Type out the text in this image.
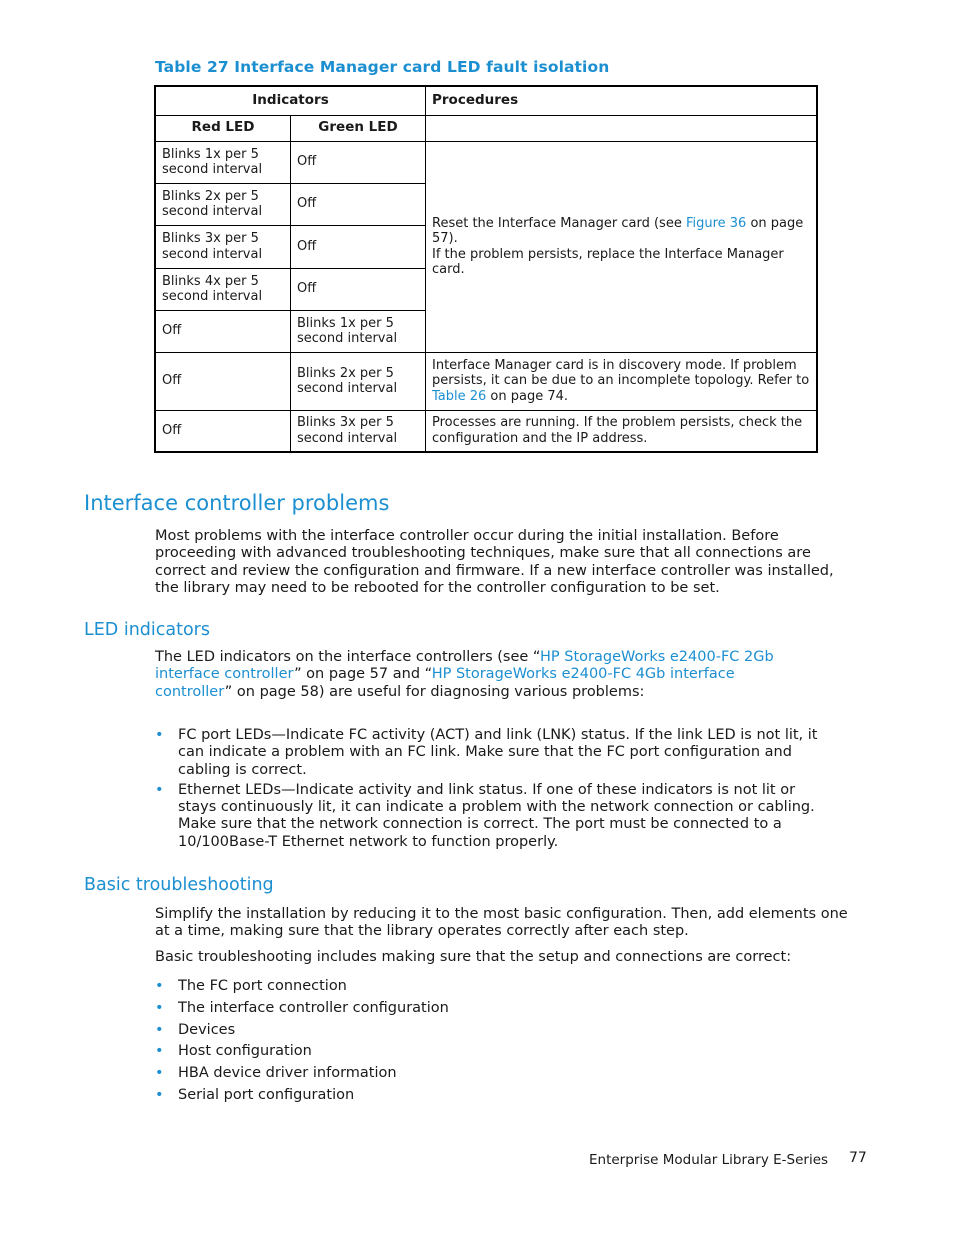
Table 27 Interface Manager card LED fault isolation
Indicators		Procedures
Red LED	Green LED	

Blinks 1x per 5
second interval	Off	Reset the Interface Manager card (see Figure 36 on page 57).
If the problem persists, replace the Interface Manager card.

Blinks 2x per 5
second interval	Off	

Blinks 3x per 5
second interval	Off	

Blinks 4x per 5
second interval	Off	

Off	Blinks 1x per 5
second interval	

Off	Blinks 2x per 5
second interval	Interface Manager card is in discovery mode. If problem persists, it can be due to an incomplete topology. Refer to Table 26 on page 74.

Off	Blinks 3x per 5
second interval	Processes are running. If the problem persists, check the configuration and the IP address.
Interface controller problems

Most problems with the interface controller occur during the initial installation. Before proceeding with advanced troubleshooting techniques, make sure that all connections are correct and review the configuration and firmware. If a new interface controller was installed, the library may need to be rebooted for the controller configuration to be set.

LED indicators

The LED indicators on the interface controllers (see “HP StorageWorks e2400-FC 2Gb interface controller” on page 57 and “HP StorageWorks e2400-FC 4Gb interface controller” on page 58) are useful for diagnosing various problems:

• FC port LEDs—Indicate FC activity (ACT) and link (LNK) status. If the link LED is not lit, it can indicate a problem with an FC link. Make sure that the FC port configuration and cabling is correct.
• Ethernet LEDs—Indicate activity and link status. If one of these indicators is not lit or stays continuously lit, it can indicate a problem with the network connection or cabling. Make sure that the network connection is correct. The port must be connected to a 10/100Base-T Ethernet network to function properly.
Basic troubleshooting

Simplify the installation by reducing it to the most basic configuration. Then, add elements one at a time, making sure that the library operates correctly after each step.

Basic troubleshooting includes making sure that the setup and connections are correct:

• The FC port connection
• The interface controller configuration
• Devices
• Host configuration
• HBA device driver information
• Serial port configuration
Enterprise Modular Library E-Series 77
